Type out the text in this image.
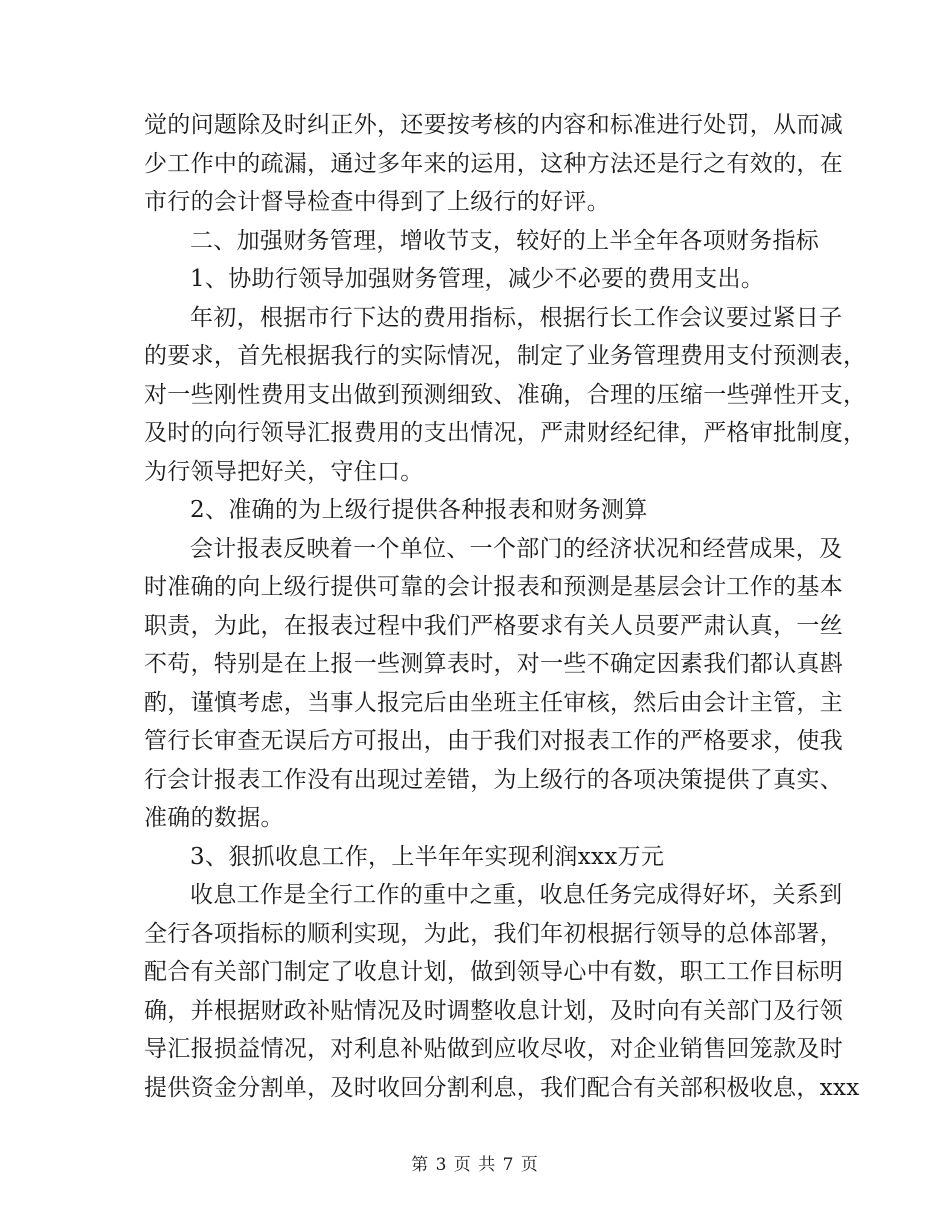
觉的问题除及时纠正外，还要按考核的内容和标准进行处罚，从而减
少工作中的疏漏，通过多年来的运用，这种方法还是行之有效的，在
市行的会计督导检查中得到了上级行的好评。
二、加强财务管理，增收节支，较好的上半全年各项财务指标
1、协助行领导加强财务管理，减少不必要的费用支出。
年初，根据市行下达的费用指标，根据行长工作会议要过紧日子
的要求，首先根据我行的实际情况，制定了业务管理费用支付预测表，
对一些刚性费用支出做到预测细致、准确，合理的压缩一些弹性开支，
及时的向行领导汇报费用的支出情况，严肃财经纪律，严格审批制度，
为行领导把好关，守住口。
2、准确的为上级行提供各种报表和财务测算
会计报表反映着一个单位、一个部门的经济状况和经营成果，及
时准确的向上级行提供可靠的会计报表和预测是基层会计工作的基本
职责，为此，在报表过程中我们严格要求有关人员要严肃认真，一丝
不苟，特别是在上报一些测算表时，对一些不确定因素我们都认真斟
酌，谨慎考虑，当事人报完后由坐班主任审核，然后由会计主管，主
管行长审查无误后方可报出，由于我们对报表工作的严格要求，使我
行会计报表工作没有出现过差错，为上级行的各项决策提供了真实、
准确的数据。
3、狠抓收息工作，上半年年实现利润xxx万元
收息工作是全行工作的重中之重，收息任务完成得好坏，关系到
全行各项指标的顺利实现，为此，我们年初根据行领导的总体部署，
配合有关部门制定了收息计划，做到领导心中有数，职工工作目标明
确，并根据财政补贴情况及时调整收息计划，及时向有关部门及行领
导汇报损益情况，对利息补贴做到应收尽收，对企业销售回笼款及时
提供资金分割单，及时收回分割利息，我们配合有关部积极收息，xxx
第 3 页 共 7 页
